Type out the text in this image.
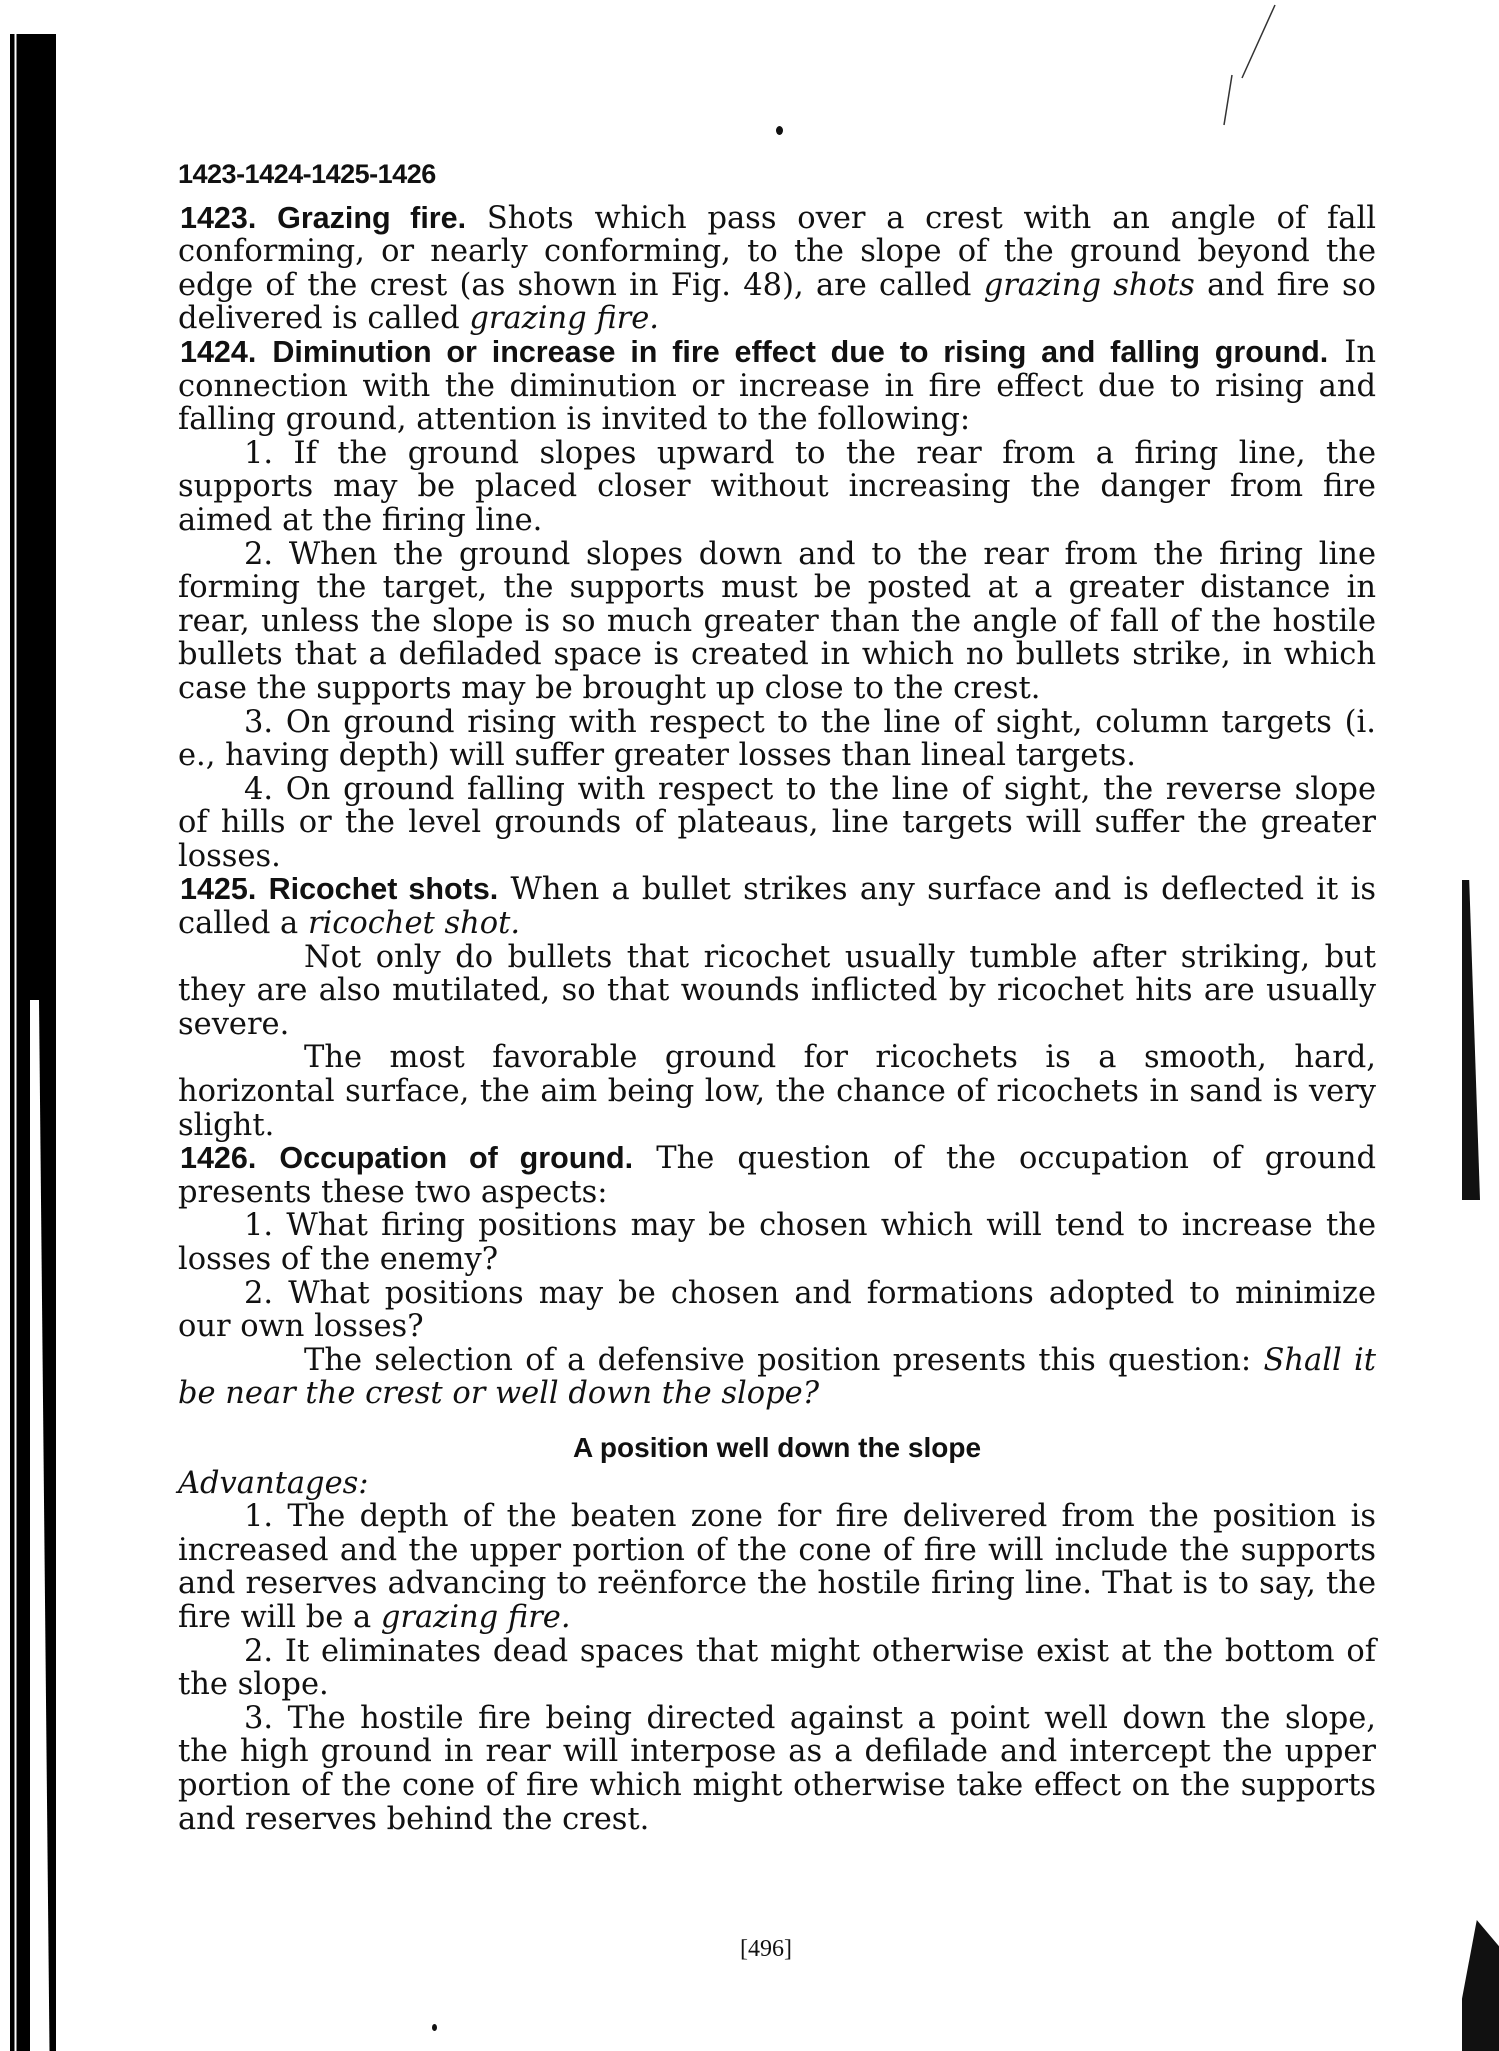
1423-1424-1425-1426

1423. Grazing fire. Shots which pass over a crest with an angle of fall conforming, or nearly conforming, to the slope of the ground beyond the edge of the crest (as shown in Fig. 48), are called grazing shots and fire so delivered is called grazing fire.

1424. Diminution or increase in fire effect due to rising and falling ground. In connection with the diminution or increase in fire effect due to rising and falling ground, attention is invited to the following:

1. If the ground slopes upward to the rear from a firing line, the supports may be placed closer without increasing the danger from fire aimed at the firing line.

2. When the ground slopes down and to the rear from the firing line forming the target, the supports must be posted at a greater distance in rear, unless the slope is so much greater than the angle of fall of the hostile bullets that a defiladed space is created in which no bullets strike, in which case the supports may be brought up close to the crest.

3. On ground rising with respect to the line of sight, column targets (i. e., having depth) will suffer greater losses than lineal targets.

4. On ground falling with respect to the line of sight, the reverse slope of hills or the level grounds of plateaus, line targets will suffer the greater losses.

1425. Ricochet shots. When a bullet strikes any surface and is deflected it is called a ricochet shot.

Not only do bullets that ricochet usually tumble after striking, but they are also mutilated, so that wounds inflicted by ricochet hits are usually severe.

The most favorable ground for ricochets is a smooth, hard, horizontal surface, the aim being low, the chance of ricochets in sand is very slight.

1426. Occupation of ground. The question of the occupation of ground presents these two aspects:

1. What firing positions may be chosen which will tend to increase the losses of the enemy?

2. What positions may be chosen and formations adopted to minimize our own losses?

The selection of a defensive position presents this question: Shall it be near the crest or well down the slope?

A position well down the slope

Advantages:

1. The depth of the beaten zone for fire delivered from the position is increased and the upper portion of the cone of fire will include the supports and reserves advancing to reënforce the hostile firing line. That is to say, the fire will be a grazing fire.

2. It eliminates dead spaces that might otherwise exist at the bottom of the slope.

3. The hostile fire being directed against a point well down the slope, the high ground in rear will interpose as a defilade and intercept the upper portion of the cone of fire which might otherwise take effect on the supports and reserves behind the crest.

[496]
